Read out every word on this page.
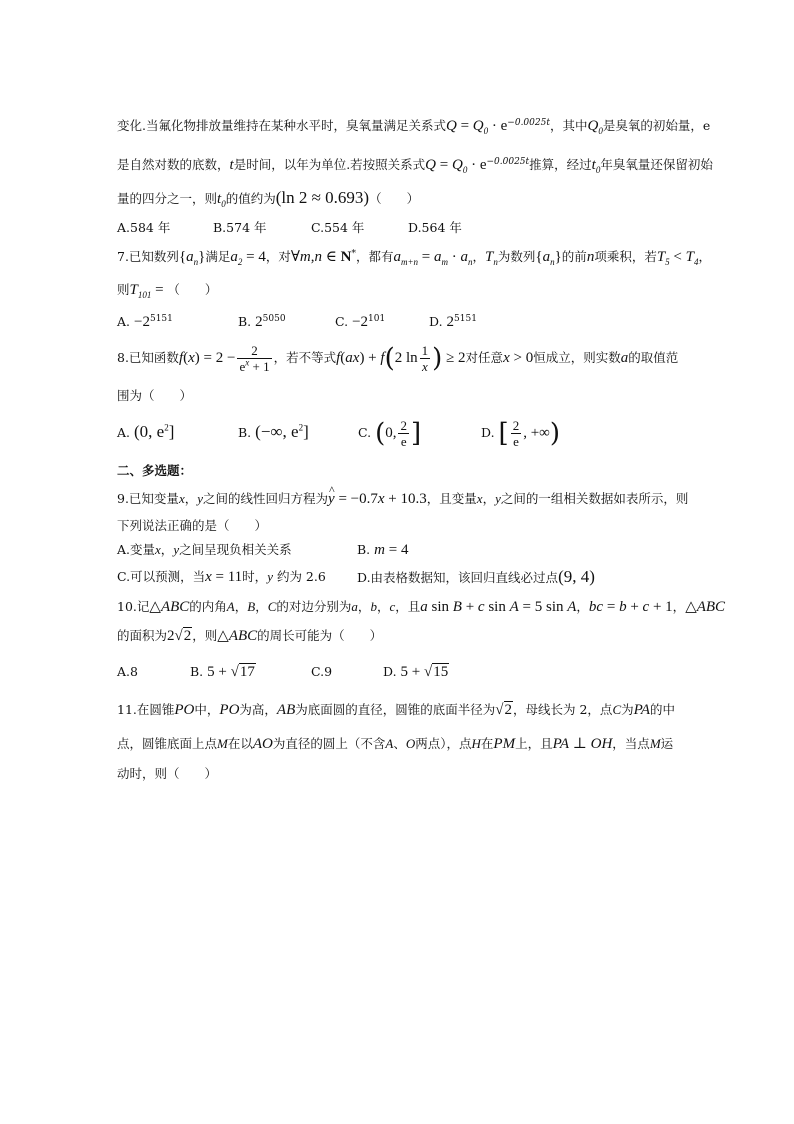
变化.当氟化物排放量维持在某种水平时，臭氧量满足关系式$Q = Q_0 \cdot e^{-0.0025t}$，其中$Q_0$是臭氧的初始量，e
是自然对数的底数，t是时间，以年为单位.若按照关系式$Q = Q_0 \cdot e^{-0.0025t}$推算，经过$t_0$年臭氧量还保留初始
量的四分之一，则$t_0$的值约为(ln 2 ≈ 0.693)（　　）
A.584 年	B.574 年	C.554 年	D.564 年
7.已知数列$\{a_n\}$满足$a_2 = 4$，对∀m,n ∈ N*，都有$a_{m+n} = a_m \cdot a_n$，$T_n$为数列$\{a_n\}$的前n项乘积，若$T_5 < T_4$，
则$T_{101}$ = （　　）
A. $-2^{5151}$	B. $2^{5050}$	C. $-2^{101}$	D. $2^{5151}$
8.已知函数$f(x) = 2 - \frac{2}{e^x + 1}$ ，若不等式f(ax) + f(2 $\ln \frac{1}{x}$ ) ≥ 2对任意x > 0恒成立，则实数a的取值范
围为（　　）
A. (0, $e^2$]	B. (−∞, $e^2$]	C. (0, $\frac{2}{e}$ ]	D. [ $\frac{2}{e}$ , +∞)
二、多选题：
9.已知变量x，y之间的线性回归方程为^ y = −0.7x + 10.3，且变量x，y之间的一组相关数据如表所示，则
下列说法正确的是（　　）
A.变量x，y之间呈现负相关关系	B. m = 4
C.可以预测，当x = 11时，y 约为 2.6 D.由表格数据知，该回归直线必过点(9, 4)
10.记△ABC的内角A，B，C的对边分别为a，b，c，且a sin B + c sin A = 5 sin A，bc = b + c + 1，△ABC
的面积为2√2，则△ABC的周长可能为（　　）
A.8	B. 5 + √17	C.9	D. 5 + √15
11.在圆锥PO中，PO为高，AB为底面圆的直径，圆锥的底面半径为√2，母线长为 2，点C为PA的中
点，圆锥底面上点M在以AO为直径的圆上（不含A、O两点），点H在PM上，且PA ⊥ OH，当点M运
动时，则（　　）
